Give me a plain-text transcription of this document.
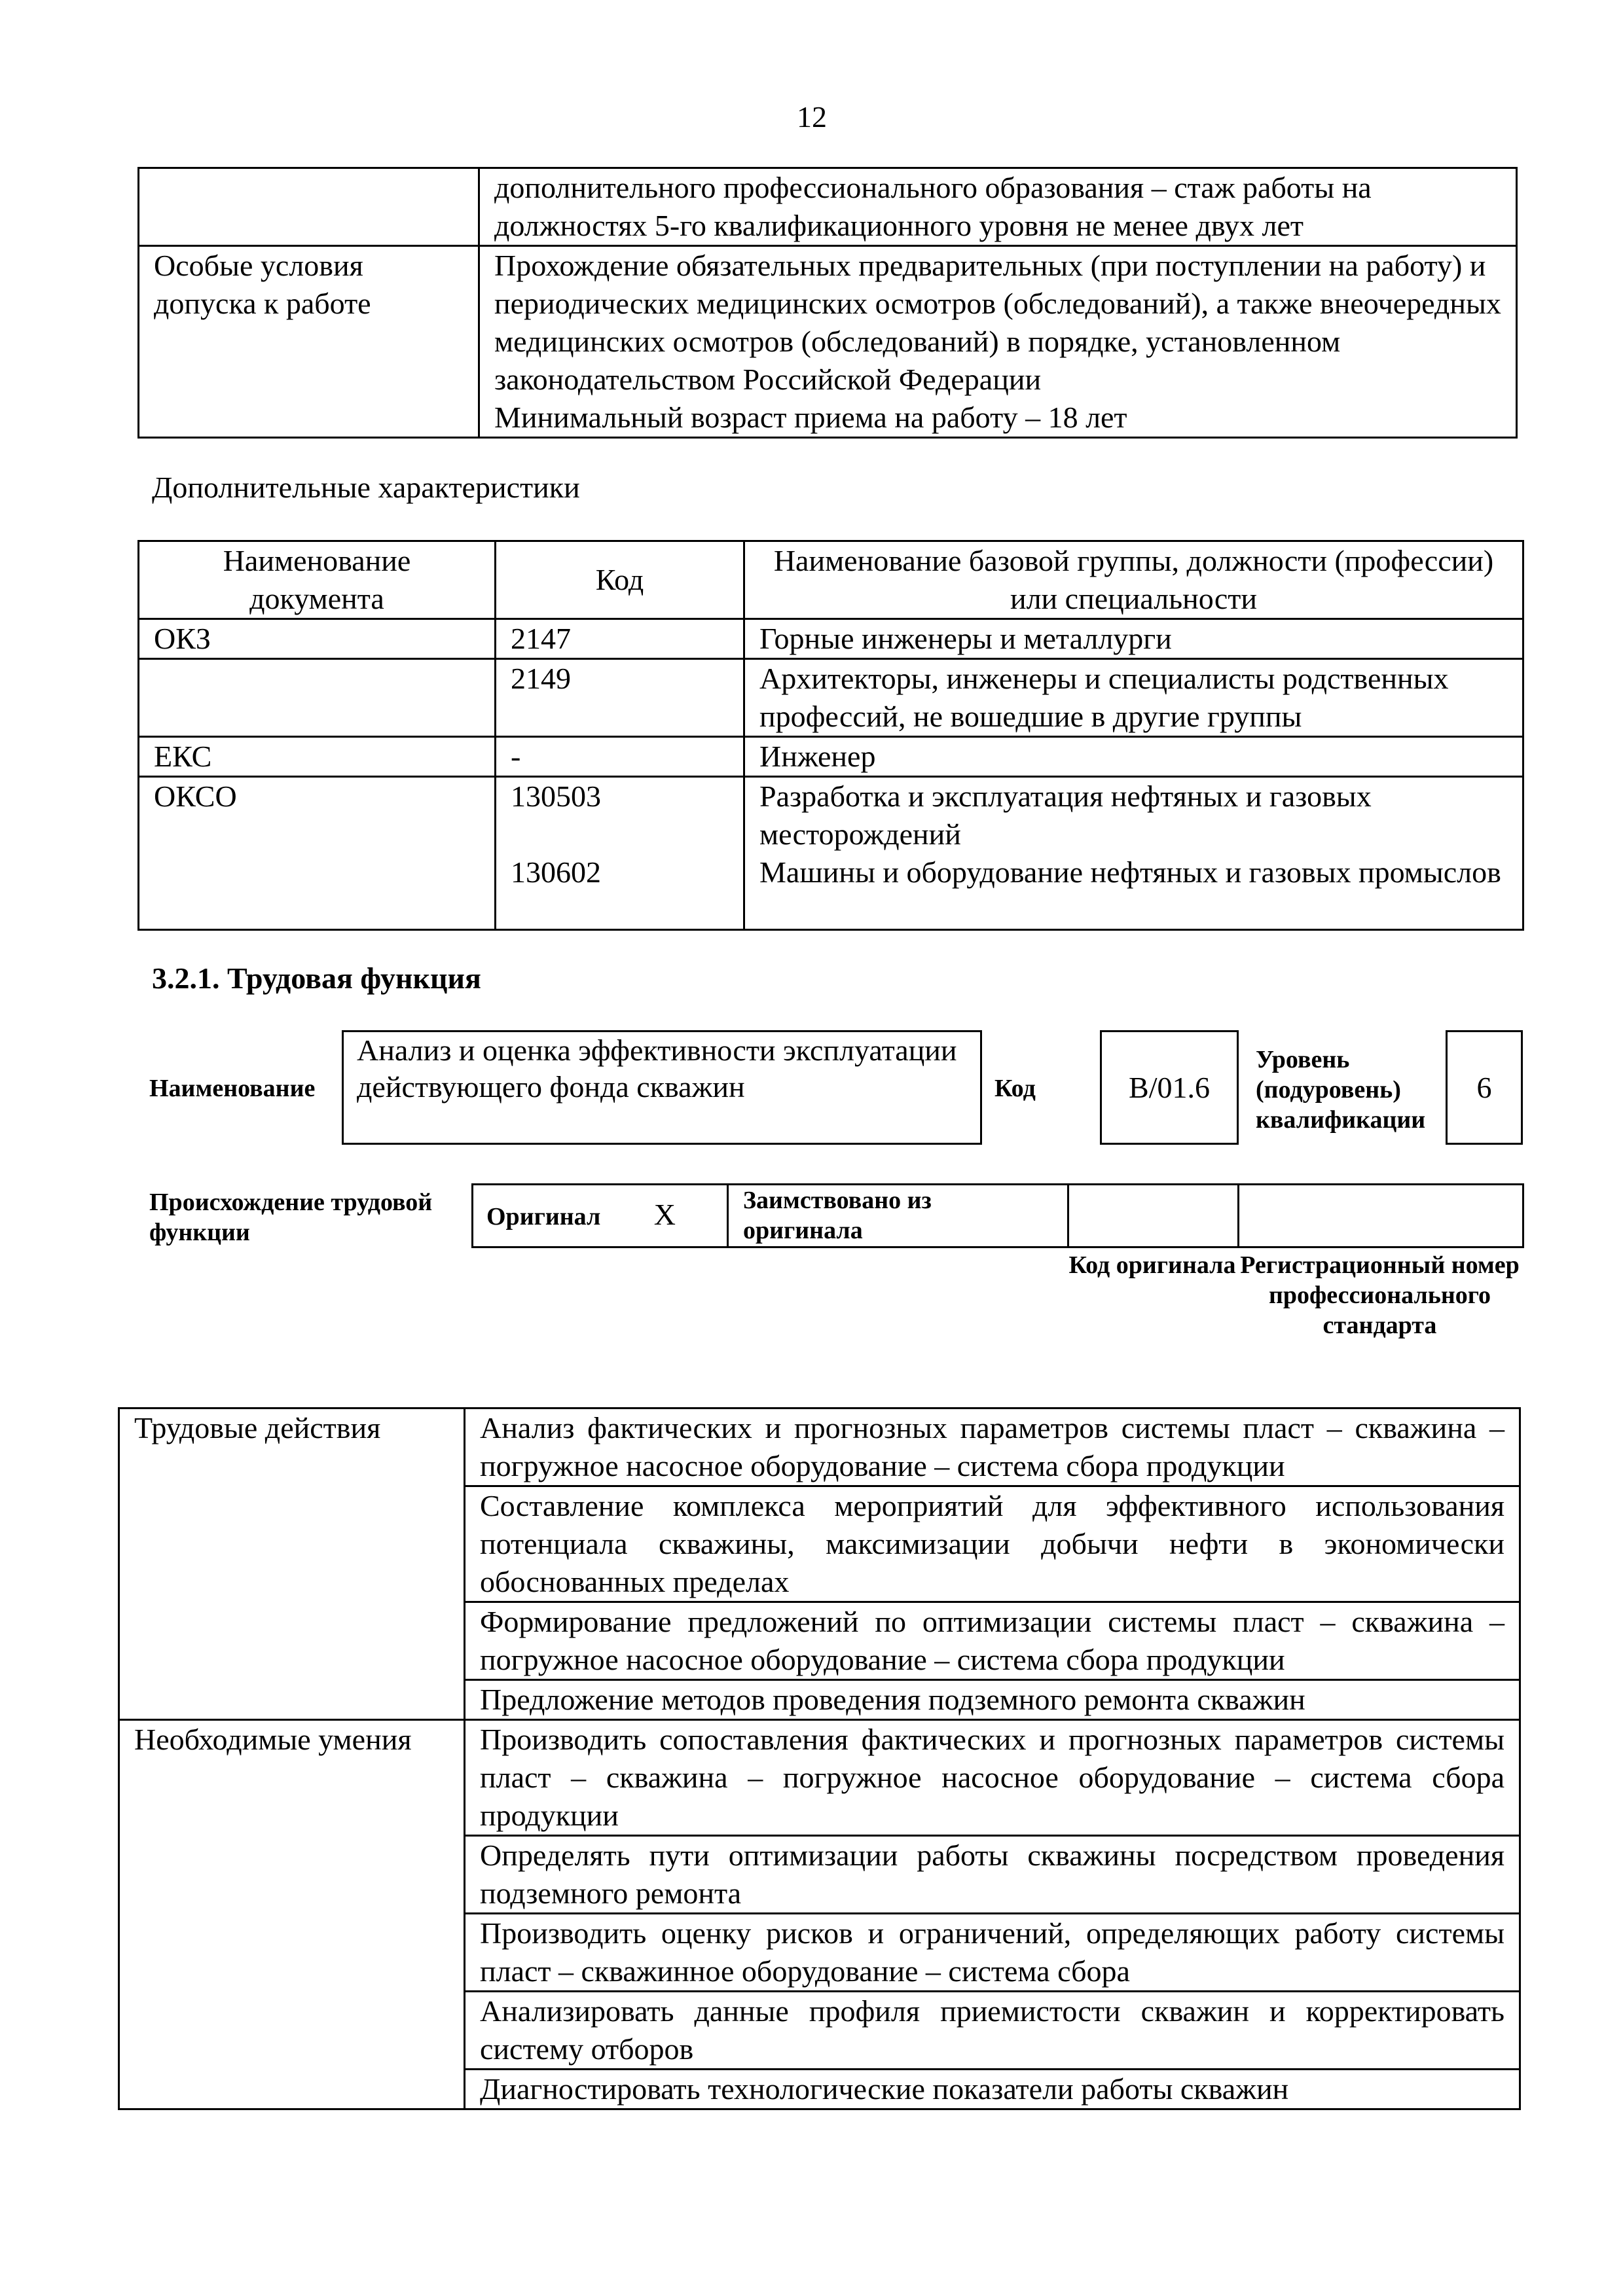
12
	дополнительного профессионального образования – стаж работы на должностях 5-го квалификационного уровня не менее двух лет
Особые условия допуска к работе	Прохождение обязательных предварительных (при поступлении на работу) и периодических медицинских осмотров (обследований), а также внеочередных медицинских осмотров (обследований) в порядке, установленном законодательством Российской Федерации
Минимальный возраст приема на работу – 18 лет
Дополнительные характеристики
Наименование документа	Код	Наименование базовой группы, должности (профессии) или специальности
ОКЗ	2147	Горные инженеры и металлурги
	2149	Архитекторы, инженеры и специалисты родственных профессий, не вошедшие в другие группы
ЕКС	-	Инженер
ОКСО	130503	Разработка и эксплуатация нефтяных и газовых месторождений
	130602	Машины и оборудование нефтяных и газовых промыслов
3.2.1. Трудовая функция
Наименование
Анализ и оценка эффективности эксплуатации действующего фонда скважин	Код	B/01.6
Уровень (подуровень) квалификации
6
Происхождение трудовой функции
Оригинал X	Заимствовано из оригинала		
Код оригинала Регистрационный номер профессионального стандарта
Трудовые действия	Анализ фактических и прогнозных параметров системы пласт – скважина – погружное насосное оборудование – система сбора продукции
	Составление комплекса мероприятий для эффективного использования потенциала скважины, максимизации добычи нефти в экономически обоснованных пределах
	Формирование предложений по оптимизации системы пласт – скважина – погружное насосное оборудование – система сбора продукции
	Предложение методов проведения подземного ремонта скважин
Необходимые умения	Производить сопоставления фактических и прогнозных параметров системы пласт – скважина – погружное насосное оборудование – система сбора продукции
	Определять пути оптимизации работы скважины посредством проведения подземного ремонта
	Производить оценку рисков и ограничений, определяющих работу системы пласт – скважинное оборудование – система сбора
	Анализировать данные профиля приемистости скважин и корректировать систему отборов
	Диагностировать технологические показатели работы скважин
